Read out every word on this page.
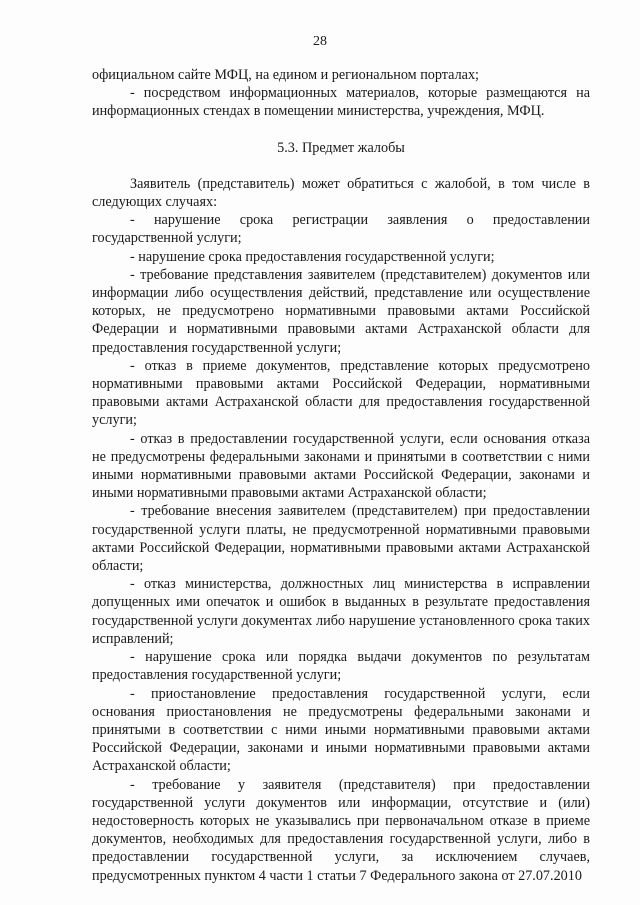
28

официальном сайте МФЦ, на едином и региональном порталах;

- посредством информационных материалов, которые размещаются на информационных стендах в помещении министерства, учреждения, МФЦ.

5.3. Предмет жалобы

Заявитель (представитель) может обратиться с жалобой, в том числе в следующих случаях:

- нарушение срока регистрации заявления о предоставлении государственной услуги;

- нарушение срока предоставления государственной услуги;

- требование представления заявителем (представителем) документов или информации либо осуществления действий, представление или осуществление которых, не предусмотрено нормативными правовыми актами Российской Федерации и нормативными правовыми актами Астраханской области для предоставления государственной услуги;

- отказ в приеме документов, представление которых предусмотрено нормативными правовыми актами Российской Федерации, нормативными правовыми актами Астраханской области для предоставления государственной услуги;

- отказ в предоставлении государственной услуги, если основания отказа не предусмотрены федеральными законами и принятыми в соответствии с ними иными нормативными правовыми актами Российской Федерации, законами и иными нормативными правовыми актами Астраханской области;

- требование внесения заявителем (представителем) при предоставлении государственной услуги платы, не предусмотренной нормативными правовыми актами Российской Федерации, нормативными правовыми актами Астраханской области;

- отказ министерства, должностных лиц министерства в исправлении допущенных ими опечаток и ошибок в выданных в результате предоставления государственной услуги документах либо нарушение установленного срока таких исправлений;

- нарушение срока или порядка выдачи документов по результатам предоставления государственной услуги;

- приостановление предоставления государственной услуги, если основания приостановления не предусмотрены федеральными законами и принятыми в соответствии с ними иными нормативными правовыми актами Российской Федерации, законами и иными нормативными правовыми актами Астраханской области;

- требование у заявителя (представителя) при предоставлении государственной услуги документов или информации, отсутствие и (или) недостоверность которых не указывались при первоначальном отказе в приеме документов, необходимых для предоставления государственной услуги, либо в предоставлении государственной услуги, за исключением случаев, предусмотренных пунктом 4 части 1 статьи 7 Федерального закона от 27.07.2010
